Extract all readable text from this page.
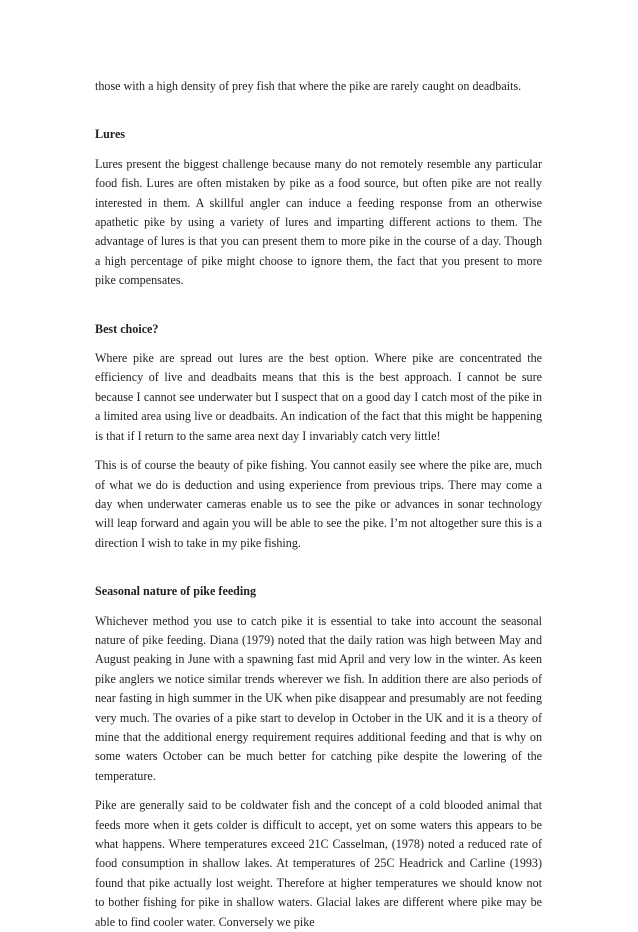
those with a high density of prey fish that where the pike are rarely caught on deadbaits.

Lures

Lures present the biggest challenge because many do not remotely resemble any particular food fish. Lures are often mistaken by pike as a food source, but often pike are not really interested in them. A skillful angler can induce a feeding response from an otherwise apathetic pike by using a variety of lures and imparting different actions to them. The advantage of lures is that you can present them to more pike in the course of a day. Though a high percentage of pike might choose to ignore them, the fact that you present to more pike compensates.

Best choice?

Where pike are spread out lures are the best option. Where pike are concentrated the efficiency of live and deadbaits means that this is the best approach. I cannot be sure because I cannot see underwater but I suspect that on a good day I catch most of the pike in a limited area using live or deadbaits. An indication of the fact that this might be happening is that if I return to the same area next day I invariably catch very little!

This is of course the beauty of pike fishing. You cannot easily see where the pike are, much of what we do is deduction and using experience from previous trips. There may come a day when underwater cameras enable us to see the pike or advances in sonar technology will leap forward and again you will be able to see the pike. I’m not altogether sure this is a direction I wish to take in my pike fishing.

Seasonal nature of pike feeding

Whichever method you use to catch pike it is essential to take into account the seasonal nature of pike feeding. Diana (1979) noted that the daily ration was high between May and August peaking in June with a spawning fast mid April and very low in the winter. As keen pike anglers we notice similar trends wherever we fish. In addition there are also periods of near fasting in high summer in the UK when pike disappear and presumably are not feeding very much. The ovaries of a pike start to develop in October in the UK and it is a theory of mine that the additional energy requirement requires additional feeding and that is why on some waters October can be much better for catching pike despite the lowering of the temperature.

Pike are generally said to be coldwater fish and the concept of a cold blooded animal that feeds more when it gets colder is difficult to accept, yet on some waters this appears to be what happens. Where temperatures exceed 21C Casselman, (1978) noted a reduced rate of food consumption in shallow lakes. At temperatures of 25C Headrick and Carline (1993) found that pike actually lost weight. Therefore at higher temperatures we should know not to bother fishing for pike in shallow waters. Glacial lakes are different where pike may be able to find cooler water. Conversely we pike
